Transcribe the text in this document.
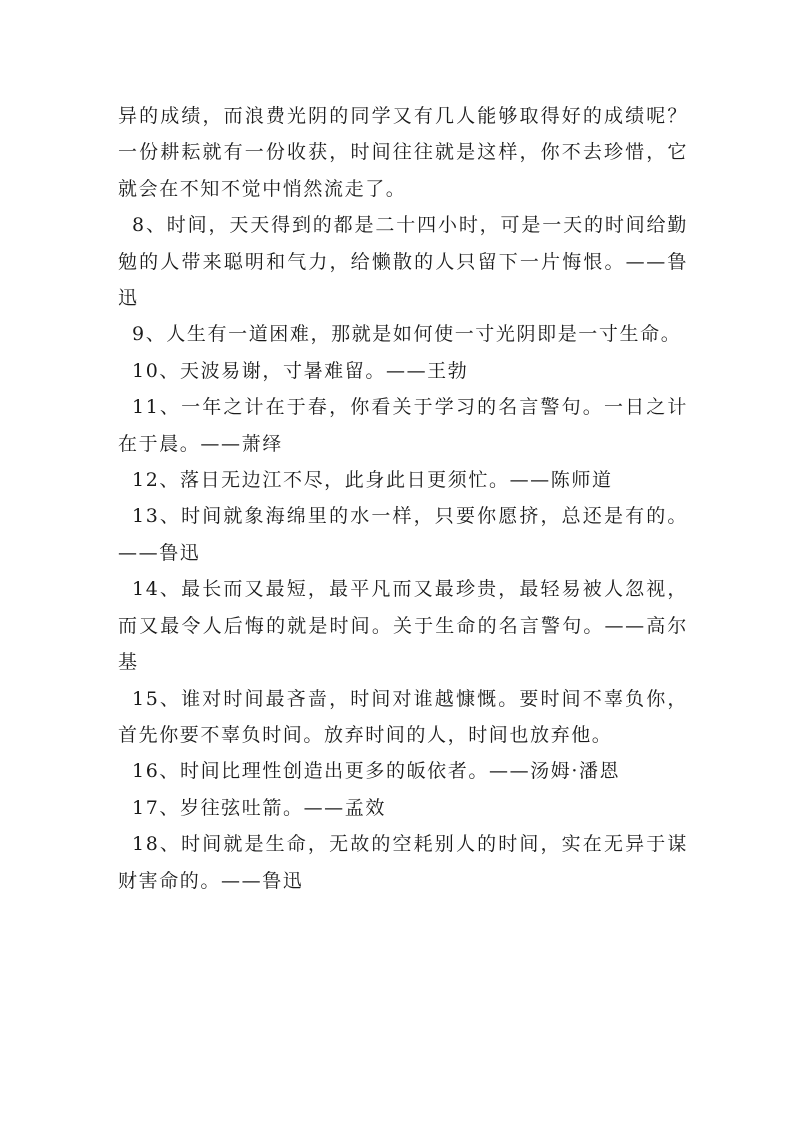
异的成绩，而浪费光阴的同学又有几人能够取得好的成绩呢？一份耕耘就有一份收获，时间往往就是这样，你不去珍惜，它就会在不知不觉中悄然流走了。

8、时间，天天得到的都是二十四小时，可是一天的时间给勤勉的人带来聪明和气力，给懒散的人只留下一片悔恨。——鲁迅

9、人生有一道困难，那就是如何使一寸光阴即是一寸生命。

10、天波易谢，寸暑难留。——王勃

11、一年之计在于春，你看关于学习的名言警句。一日之计在于晨。——萧绎

12、落日无边江不尽，此身此日更须忙。——陈师道

13、时间就象海绵里的水一样，只要你愿挤，总还是有的。——鲁迅

14、最长而又最短，最平凡而又最珍贵，最轻易被人忽视，而又最令人后悔的就是时间。关于生命的名言警句。——高尔基

15、谁对时间最吝啬，时间对谁越慷慨。要时间不辜负你，首先你要不辜负时间。放弃时间的人，时间也放弃他。

16、时间比理性创造出更多的皈依者。——汤姆·潘恩

17、岁往弦吐箭。——孟效

18、时间就是生命，无故的空耗别人的时间，实在无异于谋财害命的。——鲁迅
